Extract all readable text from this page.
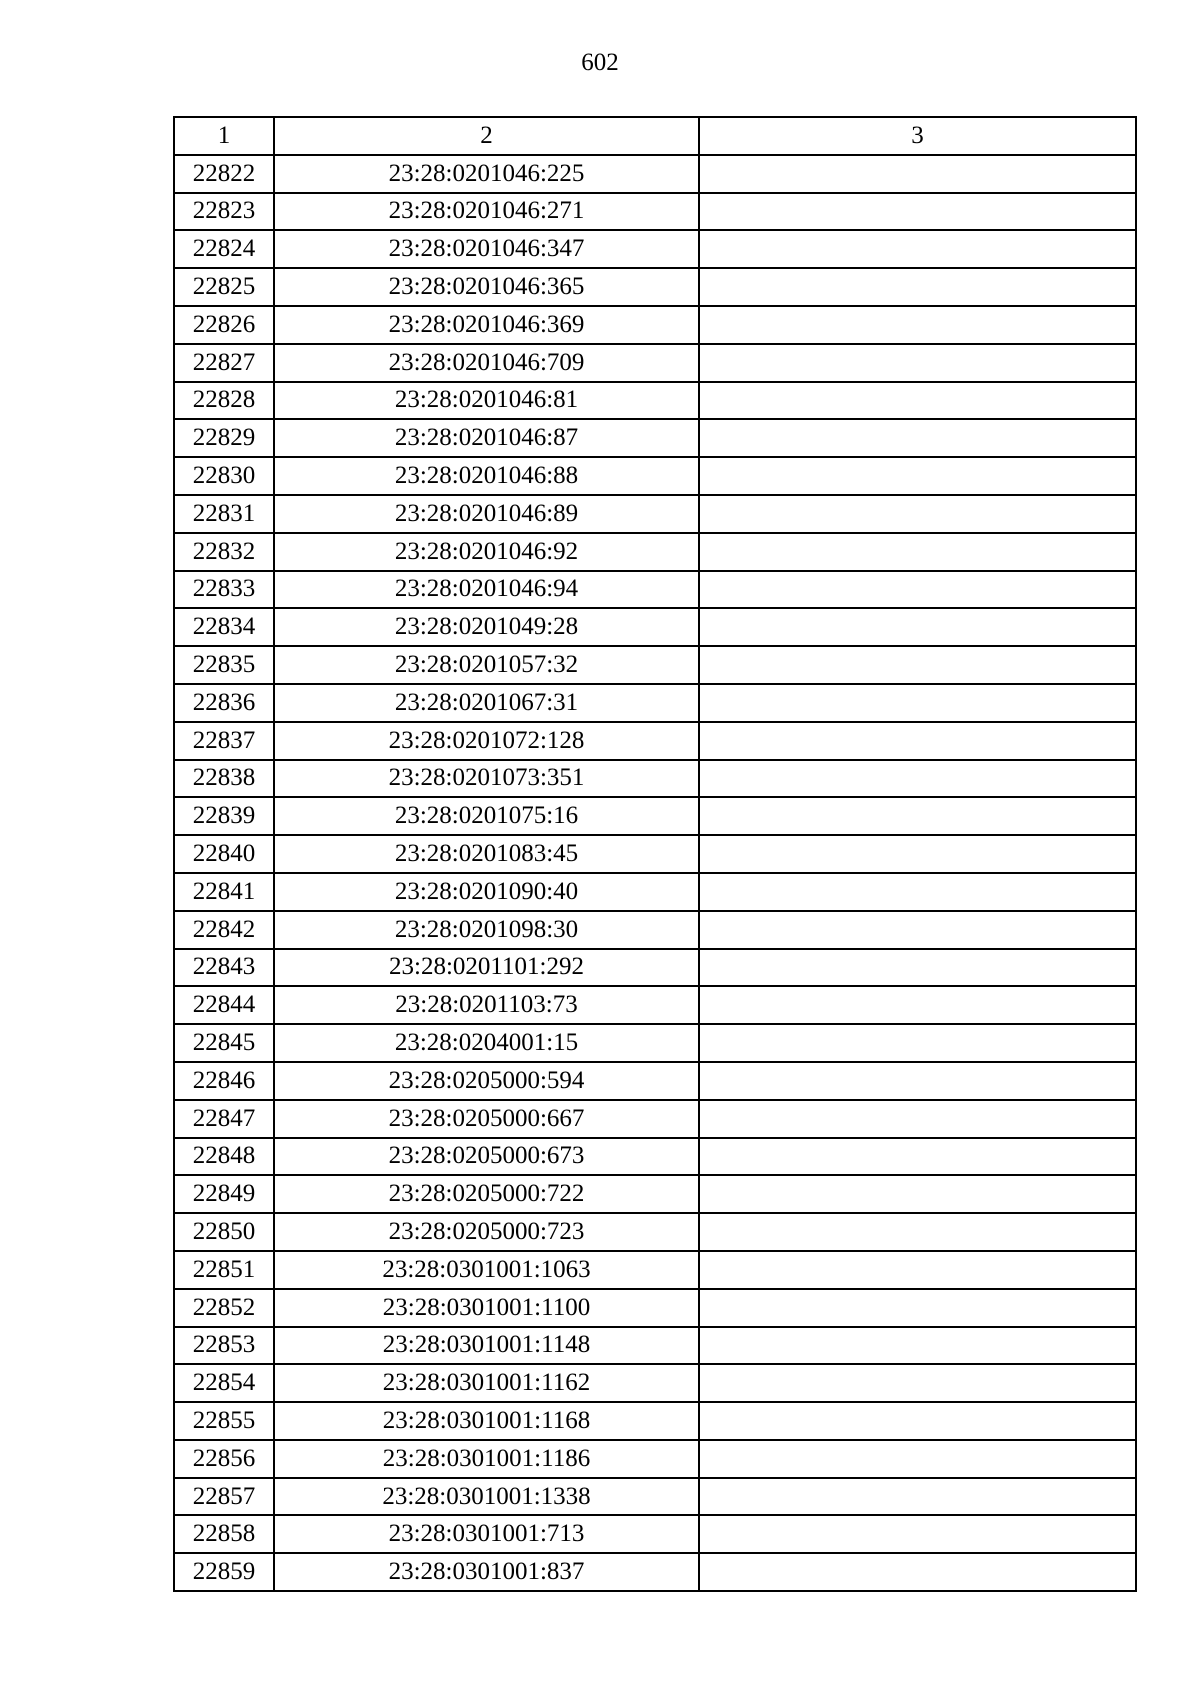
602
1	2	3
22822	23:28:0201046:225	
22823	23:28:0201046:271	
22824	23:28:0201046:347	
22825	23:28:0201046:365	
22826	23:28:0201046:369	
22827	23:28:0201046:709	
22828	23:28:0201046:81	
22829	23:28:0201046:87	
22830	23:28:0201046:88	
22831	23:28:0201046:89	
22832	23:28:0201046:92	
22833	23:28:0201046:94	
22834	23:28:0201049:28	
22835	23:28:0201057:32	
22836	23:28:0201067:31	
22837	23:28:0201072:128	
22838	23:28:0201073:351	
22839	23:28:0201075:16	
22840	23:28:0201083:45	
22841	23:28:0201090:40	
22842	23:28:0201098:30	
22843	23:28:0201101:292	
22844	23:28:0201103:73	
22845	23:28:0204001:15	
22846	23:28:0205000:594	
22847	23:28:0205000:667	
22848	23:28:0205000:673	
22849	23:28:0205000:722	
22850	23:28:0205000:723	
22851	23:28:0301001:1063	
22852	23:28:0301001:1100	
22853	23:28:0301001:1148	
22854	23:28:0301001:1162	
22855	23:28:0301001:1168	
22856	23:28:0301001:1186	
22857	23:28:0301001:1338	
22858	23:28:0301001:713	
22859	23:28:0301001:837	
